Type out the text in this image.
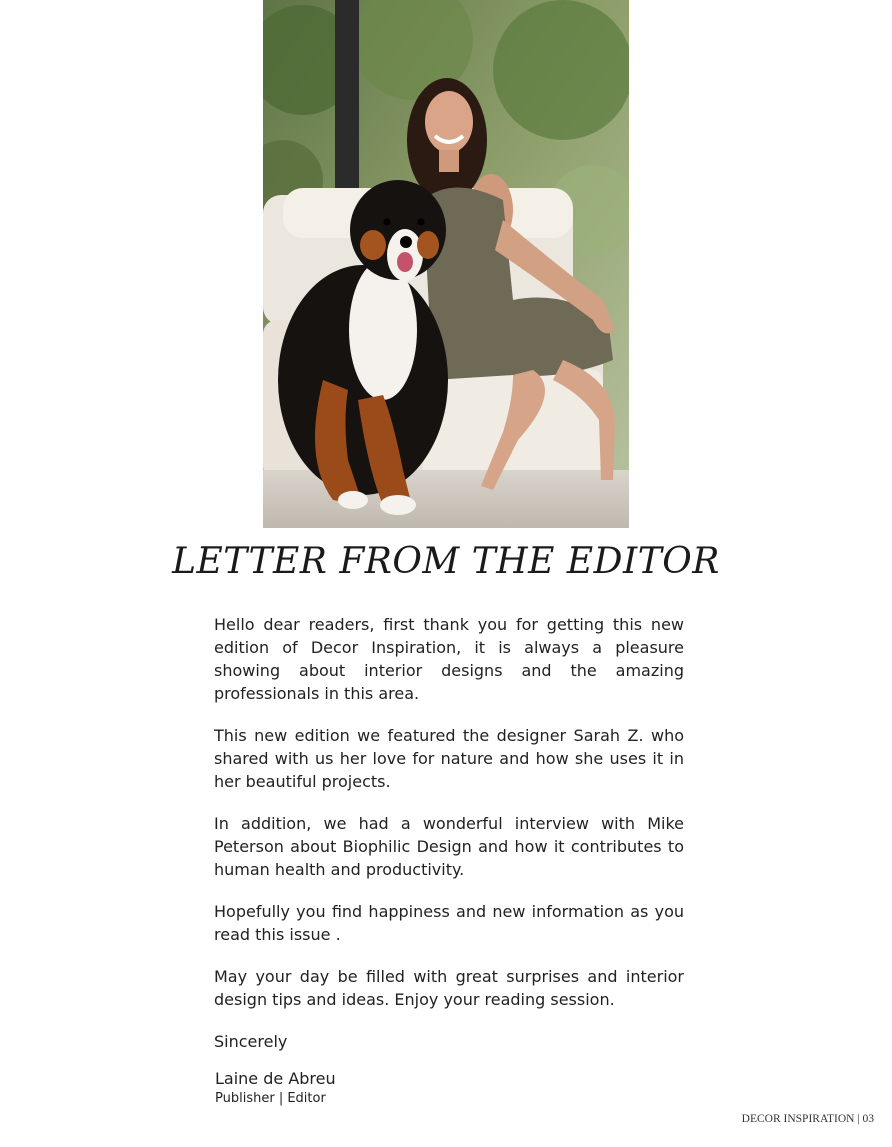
LETTER FROM THE EDITOR

Hello dear readers, first thank you for getting this new edition of Decor Inspiration, it is always a pleasure showing about interior designs and the amazing professionals in this area.

This new edition we featured the designer Sarah Z. who shared with us her love for nature and how she uses it in her beautiful projects.

In addition, we had a wonderful interview with Mike Peterson about Biophilic Design and how it contributes to human health and productivity.

Hopefully you find happiness and new information as you read this issue .

May your day be filled with great surprises and interior design tips and ideas. Enjoy your reading session.

Sincerely

Laine de Abreu
Publisher | Editor
DECOR INSPIRATION | 03
